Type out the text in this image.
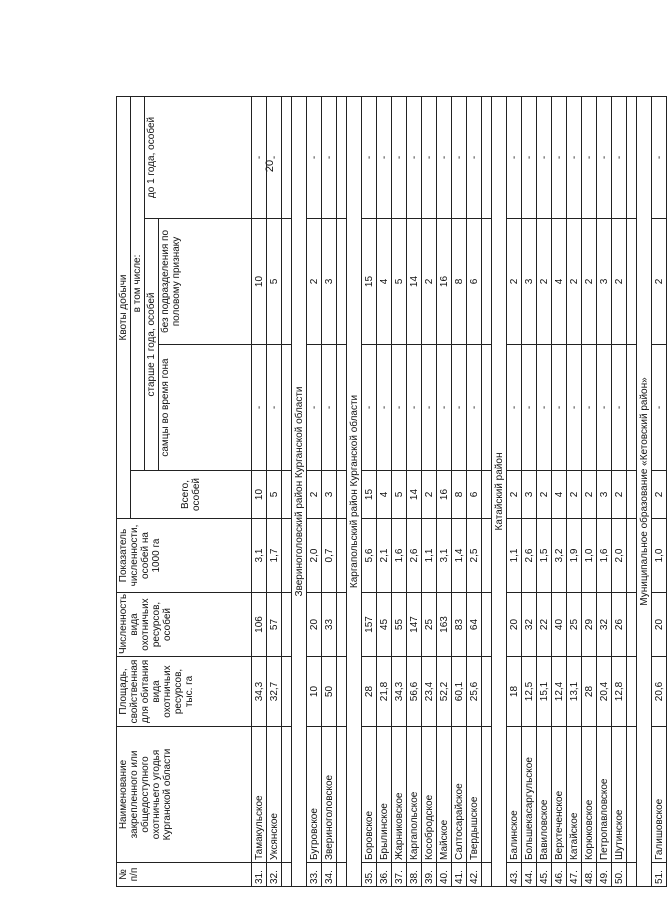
20
№ п/п	Наименование закрепленного или общедоступного охотничьего угодья Курганской области	Площадь, свойственная для обитания вида охотничьих ресурсов, тыс. га	Численность вида охотничьих ресурсов, особей	Показатель численности, особей на 1000 га	Квоты добычи			
					Всего, особей	в том числе:		
						старше 1 года, особей		до 1 года, особей
						самцы во время гона	без подразделения по половому признаку	
31.	Тамакульское	34,3	106	3,1	10	-	10	-
32.	Уксянское	32,7	57	1,7	5	-	5	-

Звериноголовский район Курганской области								
33.	Бугровское	10	20	2,0	2	-	2	-
34.	Звериноголовское	50	33	0,7	3	-	3	-

Каргапольский район Курганской области								
35.	Боровское	28	157	5,6	15	-	15	-
36.	Брылинское	21,8	45	2,1	4	-	4	-
37.	Жарниковское	34,3	55	1,6	5	-	5	-
38.	Каргапольское	56,6	147	2,6	14	-	14	-
39.	Кособродское	23,4	25	1,1	2	-	2	-
40.	Майское	52,2	163	3,1	16	-	16	-
41.	Салтосарайское	60,1	83	1,4	8	-	8	-
42.	Твердышское	25,6	64	2,5	6	-	6	-

Катайский район								
43.	Балинское	18	20	1,1	2	-	2	-
44.	Большекасаргульское	12,5	32	2,6	3	-	3	-
45.	Вавиловское	15,1	22	1,5	2	-	2	-
46.	Верхтеченское	12,4	40	3,2	4	-	4	-
47.	Катайское	13,1	25	1,9	2	-	2	-
48.	Корюковское	28	29	1,0	2	-	2	-
49.	Петропавловское	20,4	32	1,6	3	-	3	-
50.	Шутинское	12,8	26	2,0	2	-	2	-

Муниципальное образование «Кетовский район»								
51.	Галишовское	20,6	20	1,0	2	-	2	-
